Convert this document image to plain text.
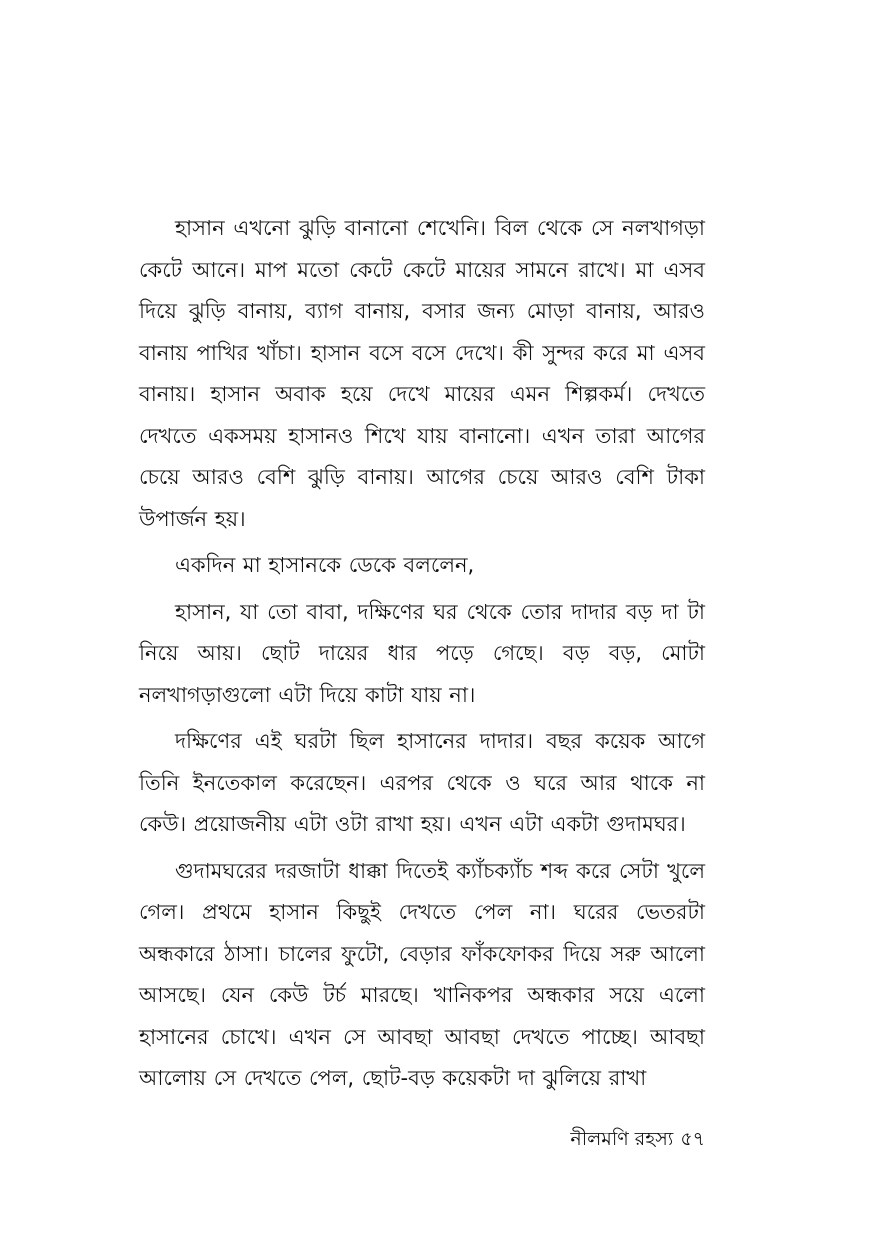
হাসান এখনো ঝুড়ি বানানো শেখেনি। বিল থেকে সে নলখাগড়া কেটে আনে। মাপ মতো কেটে কেটে মায়ের সামনে রাখে। মা এসব দিয়ে ঝুড়ি বানায়, ব্যাগ বানায়, বসার জন্য মোড়া বানায়, আরও বানায় পাখির খাঁচা। হাসান বসে বসে দেখে। কী সুন্দর করে মা এসব বানায়। হাসান অবাক হয়ে দেখে মায়ের এমন শিল্পকর্ম। দেখতে দেখতে একসময় হাসানও শিখে যায় বানানো। এখন তারা আগের চেয়ে আরও বেশি ঝুড়ি বানায়। আগের চেয়ে আরও বেশি টাকা উপার্জন হয়।

একদিন মা হাসানকে ডেকে বললেন,

হাসান, যা তো বাবা, দক্ষিণের ঘর থেকে তোর দাদার বড় দা টা নিয়ে আয়। ছোট দায়ের ধার পড়ে গেছে। বড় বড়, মোটা নলখাগড়াগুলো এটা দিয়ে কাটা যায় না।

দক্ষিণের এই ঘরটা ছিল হাসানের দাদার। বছর কয়েক আগে তিনি ইনতেকাল করেছেন। এরপর থেকে ও ঘরে আর থাকে না কেউ। প্রয়োজনীয় এটা ওটা রাখা হয়। এখন এটা একটা গুদামঘর।

গুদামঘরের দরজাটা ধাক্কা দিতেই ক্যাঁচক্যাঁচ শব্দ করে সেটা খুলে গেল। প্রথমে হাসান কিছুই দেখতে পেল না। ঘরের ভেতরটা অন্ধকারে ঠাসা। চালের ফুটো, বেড়ার ফাঁকফোকর দিয়ে সরু আলো আসছে। যেন কেউ টর্চ মারছে। খানিকপর অন্ধকার সয়ে এলো হাসানের চোখে। এখন সে আবছা আবছা দেখতে পাচ্ছে। আবছা আলোয় সে দেখতে পেল, ছোট-বড় কয়েকটা দা ঝুলিয়ে রাখা

নীলমণি রহস্য ৫৭
